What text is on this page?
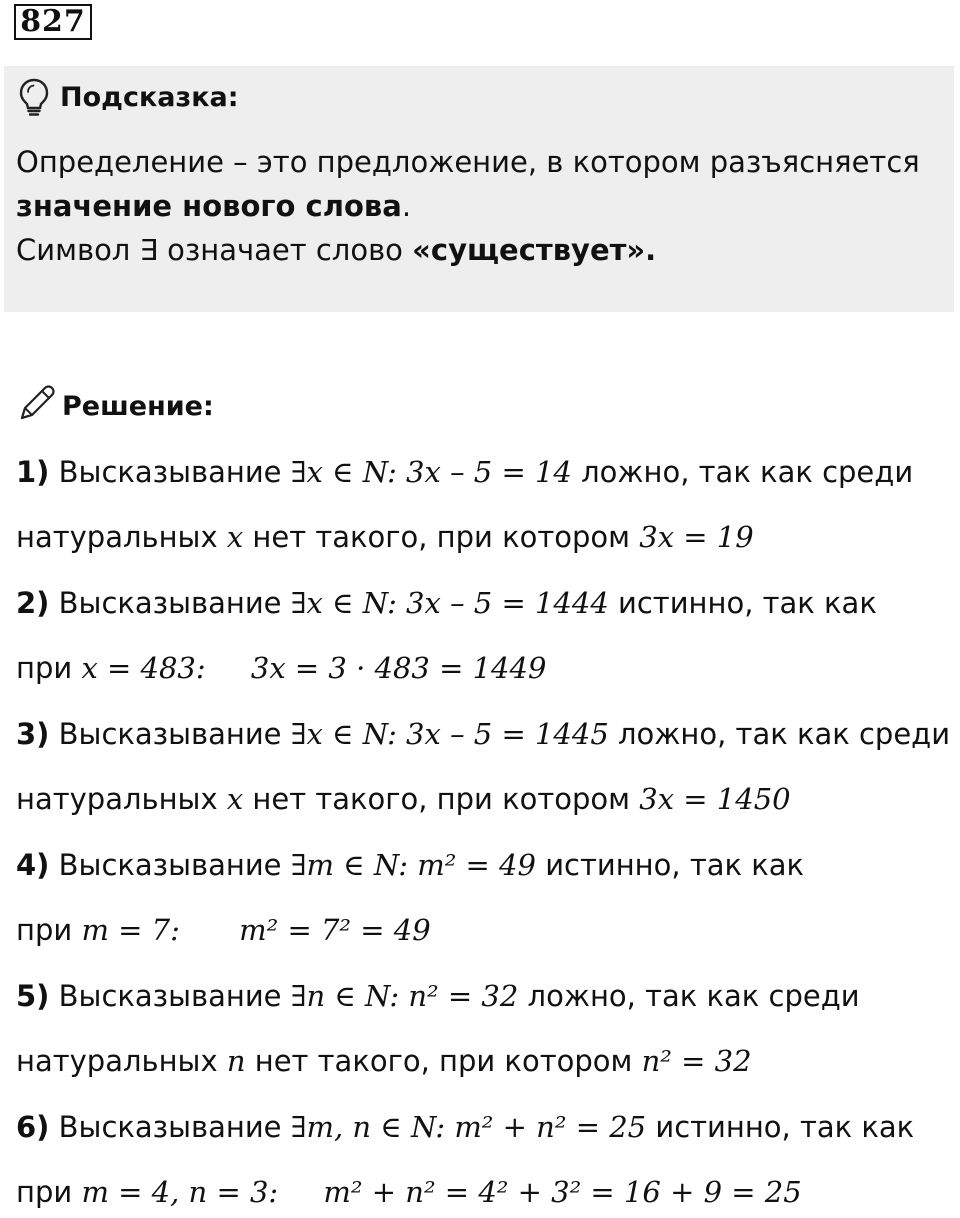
827
Подсказка:

Определение – это предложение, в котором разъясняется

значение нового слова.

Символ ∃ означает слово «существует».

Решение:
1) Высказывание ∃x ∈ N: 3x – 5 = 14 ложно, так как среди
натуральных x нет такого, при котором 3x = 19
2) Высказывание ∃x ∈ N: 3x – 5 = 1444 истинно, так как
при x = 483: 3x = 3 · 483 = 1449
3) Высказывание ∃x ∈ N: 3x – 5 = 1445 ложно, так как среди
натуральных x нет такого, при котором 3x = 1450
4) Высказывание ∃m ∈ N: m² = 49 истинно, так как
при m = 7: m² = 7² = 49
5) Высказывание ∃n ∈ N: n² = 32 ложно, так как среди
натуральных n нет такого, при котором n² = 32
6) Высказывание ∃m, n ∈ N: m² + n² = 25 истинно, так как
при m = 4, n = 3: m² + n² = 4² + 3² = 16 + 9 = 25
